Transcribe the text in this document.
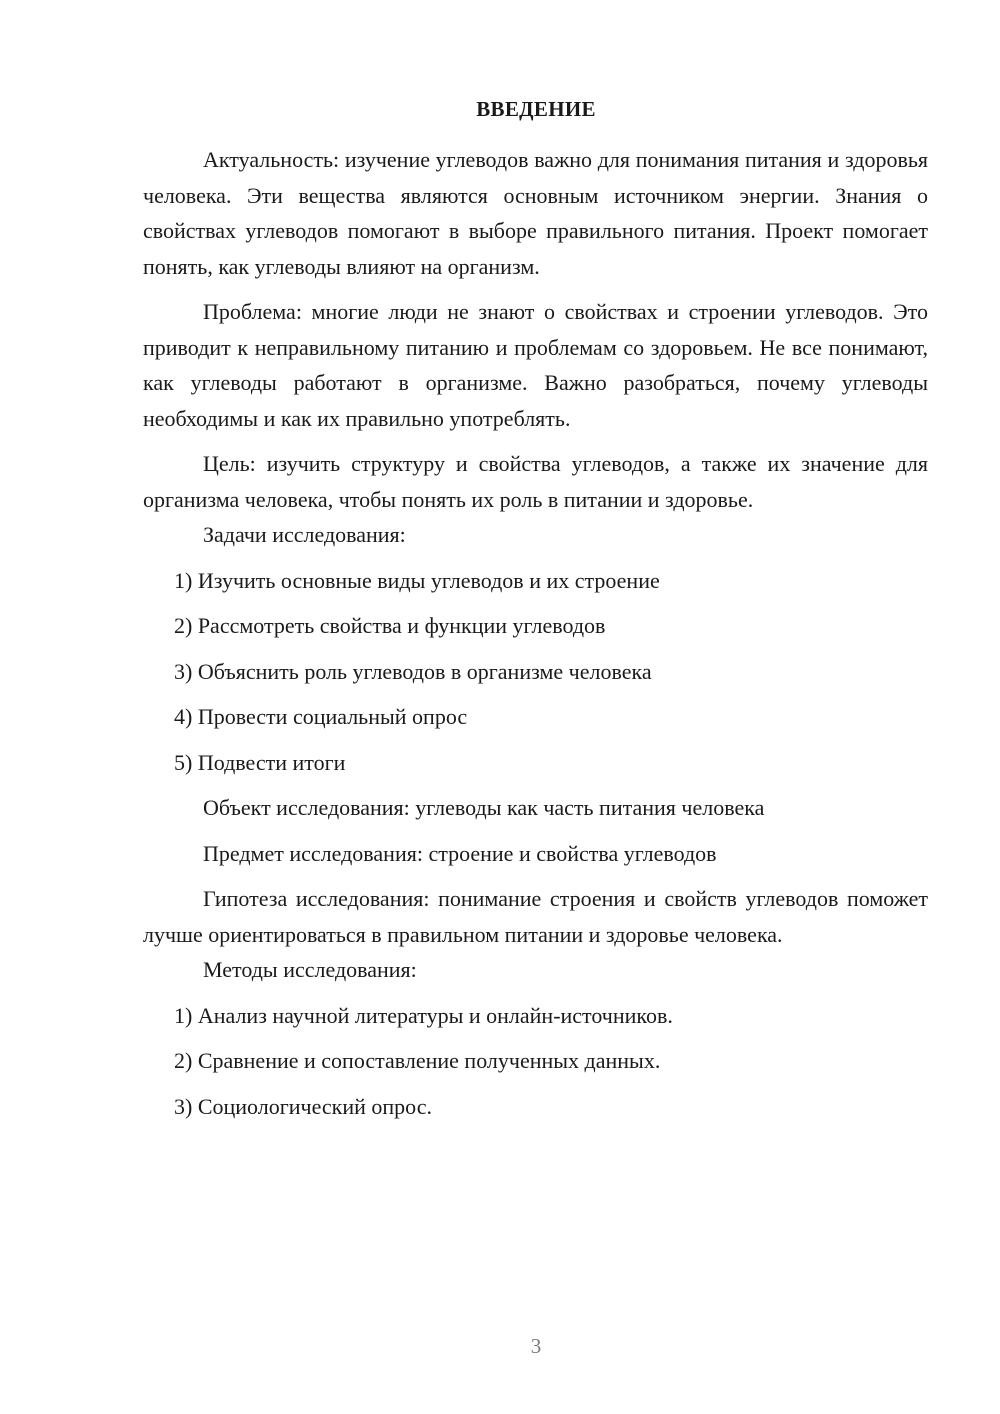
ВВЕДЕНИЕ

Актуальность: изучение углеводов важно для понимания питания и здоровья человека. Эти вещества являются основным источником энергии. Знания о свойствах углеводов помогают в выборе правильного питания. Проект помогает понять, как углеводы влияют на организм.

Проблема: многие люди не знают о свойствах и строении углеводов. Это приводит к неправильному питанию и проблемам со здоровьем. Не все понимают, как углеводы работают в организме. Важно разобраться, почему углеводы необходимы и как их правильно употреблять.

Цель: изучить структуру и свойства углеводов, а также их значение для организма человека, чтобы понять их роль в питании и здоровье.

Задачи исследования:

1) Изучить основные виды углеводов и их строение

2) Рассмотреть свойства и функции углеводов

3) Объяснить роль углеводов в организме человека

4) Провести социальный опрос

5) Подвести итоги

Объект исследования: углеводы как часть питания человека

Предмет исследования: строение и свойства углеводов

Гипотеза исследования: понимание строения и свойств углеводов поможет лучше ориентироваться в правильном питании и здоровье человека.

Методы исследования:

1) Анализ научной литературы и онлайн-источников.

2) Сравнение и сопоставление полученных данных.

3) Социологический опрос.

3
